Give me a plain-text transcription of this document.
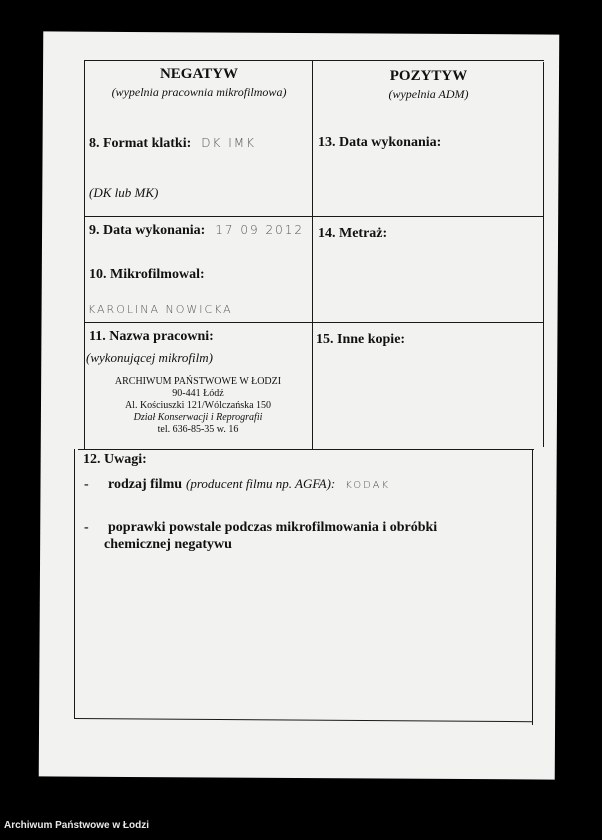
NEGATYW
(wypelnia pracownia mikrofilmowa)
POZYTYW
(wypelnia ADM)
8. Format klatki: DK IMK
(DK lub MK)
13. Data wykonania:
9. Data wykonania: 17 09 2012 14. Metraż:
10. Mikrofilmowal:
KAROLINA NOWICKA
11. Nazwa pracowni:
(wykonującej mikrofilm)
ARCHIWUM PAŃSTWOWE W ŁODZI
90-441 Łódź
Al. Kościuszki 121/Wólczańska 150
Dział Konserwacji i Reprografii
tel. 636-85-35 w. 16
15. Inne kopie:
12. Uwagi:
- rodzaj filmu (producent filmu np. AGFA): KODAK
- poprawki powstale podczas mikrofilmowania i obróbki
chemicznej negatywu
Archiwum Państwowe w Łodzi
